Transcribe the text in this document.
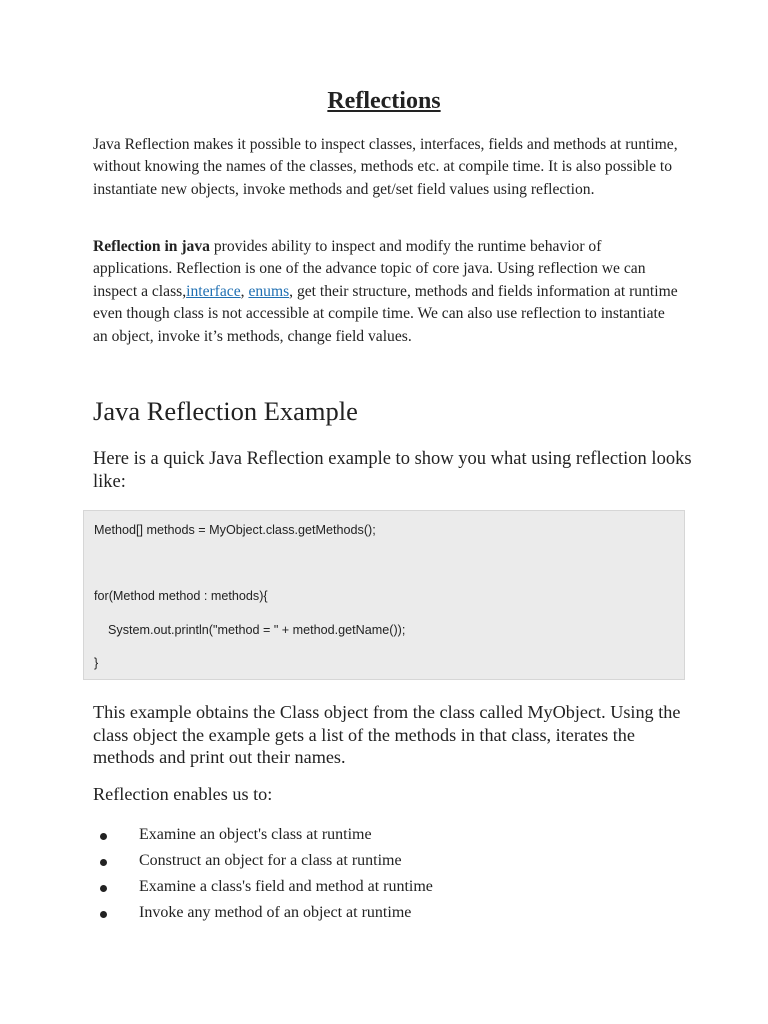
Reflections

Java Reflection makes it possible to inspect classes, interfaces, fields and methods at runtime, without knowing the names of the classes, methods etc. at compile time. It is also possible to instantiate new objects, invoke methods and get/set field values using reflection.

Reflection in java provides ability to inspect and modify the runtime behavior of applications. Reflection is one of the advance topic of core java. Using reflection we can inspect a class,interface, enums, get their structure, methods and fields information at runtime even though class is not accessible at compile time. We can also use reflection to instantiate an object, invoke it’s methods, change field values.

Java Reflection Example

Here is a quick Java Reflection example to show you what using reflection looks like:

Method[] methods = MyObject.class.getMethods();
for(Method method : methods){
System.out.println("method = " + method.getName());
}

This example obtains the Class object from the class called MyObject. Using the class object the example gets a list of the methods in that class, iterates the methods and print out their names.

Reflection enables us to:
Examine an object's class at runtime
Construct an object for a class at runtime
Examine a class's field and method at runtime
Invoke any method of an object at runtime
